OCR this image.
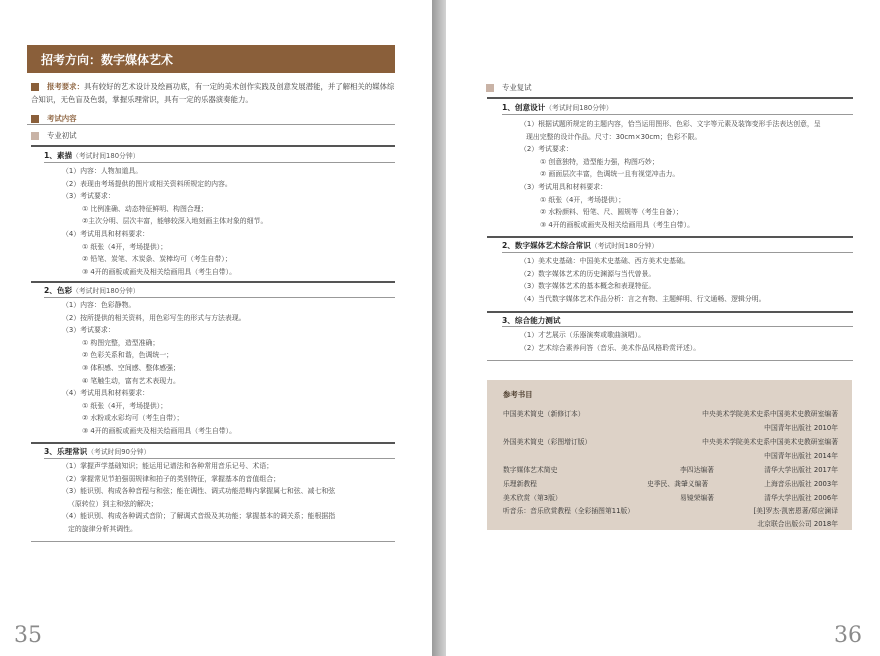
招考方向：数字媒体艺术
报考要求：具有较好的艺术设计及绘画功底，有一定的美术创作实践及创意发展潜能，并了解相关的媒体综合知识，无色盲及色弱，掌握乐理常识，具有一定的乐器演奏能力。
考试内容
专业初试
1、素描（考试时间180分钟）
（1）内容：人物加道具。
（2）表现由考场提供的图片或相关资料所规定的内容。
（3）考试要求：
① 比例准确、动态特征鲜明、构图合理；
②主次分明、层次丰富，能够较深入地刻画主体对象的细节。
（4）考试用具和材料要求：
① 纸张（4开，考场提供）；
② 铅笔、炭笔、木炭条、炭棒均可（考生自带）；
③ 4开的画板或画夹及相关绘画用具（考生自带）。
2、色彩（考试时间180分钟）
（1）内容：色彩静物。
（2）按所提供的相关资料，用色彩写生的形式与方法表现。
（3）考试要求：
① 构图完整，造型准确；
② 色彩关系和谐，色调统一；
③ 体积感、空间感、整体感强；
④ 笔触生动，富有艺术表现力。
（4）考试用具和材料要求：
① 纸张（4开，考场提供）；
② 水粉或水彩均可（考生自带）；
③ 4开的画板或画夹及相关绘画用具（考生自带）。
3、乐理常识（考试时间90分钟）
（1）掌握声学基础知识；能运用记谱法和各种常用音乐记号、术语；
（2）掌握常见节拍强弱规律和拍子的类别特征，掌握基本的音值组合；
（3）能识别、构成各种音程与和弦；能在调性、调式功能范畴内掌握属七和弦、减七和弦
（原转位）到主和弦的解决；
（4）能识别、构成各种调式音阶；了解调式音级及其功能；掌握基本的调关系；能根据指
定的旋律分析其调性。
35
专业复试
1、创意设计（考试时间180分钟）
（1）根据试题所规定的主题内容，恰当运用图形、色彩、文字等元素及装饰变形手法表达创意，呈
现出完整的设计作品。尺寸：30cm×30cm；色彩不限。
（2）考试要求：
① 创意独特，造型能力强，构图巧妙；
② 画面层次丰富，色调统一且有视觉冲击力。
（3）考试用具和材料要求：
① 纸张（4开，考场提供）；
② 水粉颜料、铅笔、尺、圆规等（考生自备）；
③ 4开的画板或画夹及相关绘画用具（考生自带）。
2、数字媒体艺术综合常识（考试时间180分钟）
（1）美术史基础：中国美术史基础、西方美术史基础。
（2）数字媒体艺术的历史渊源与当代曾景。
（3）数字媒体艺术的基本概念和表现特征。
（4）当代数字媒体艺术作品分析：言之有物、主题鲜明、行文通畅、逻辑分明。
3、综合能力测试
（1）才艺展示（乐器演奏或歌曲演唱）。
（2）艺术综合素养问答（音乐、美术作品风格聆赏评述）。
36
参考书目
中国美术简史（新修订本）	中央美术学院美术史系中国美术史教研室编著
中国青年出版社 2010年
外国美术简史（彩图增订版）	中央美术学院美术史系中国美术史教研室编著
中国青年出版社 2014年
数字媒体艺术简史	李四达编著	清华大学出版社 2017年
乐理新教程	史季民、龚肇义编著	上海音乐出版社 2003年
美术欣赏（第3版）	易镜荣编著	清华大学出版社 2006年
听音乐：音乐欣赏教程（全彩插图第11版）	[美]罗杰·凯密恩著/郑应澜译
北京联合出版公司 2018年
